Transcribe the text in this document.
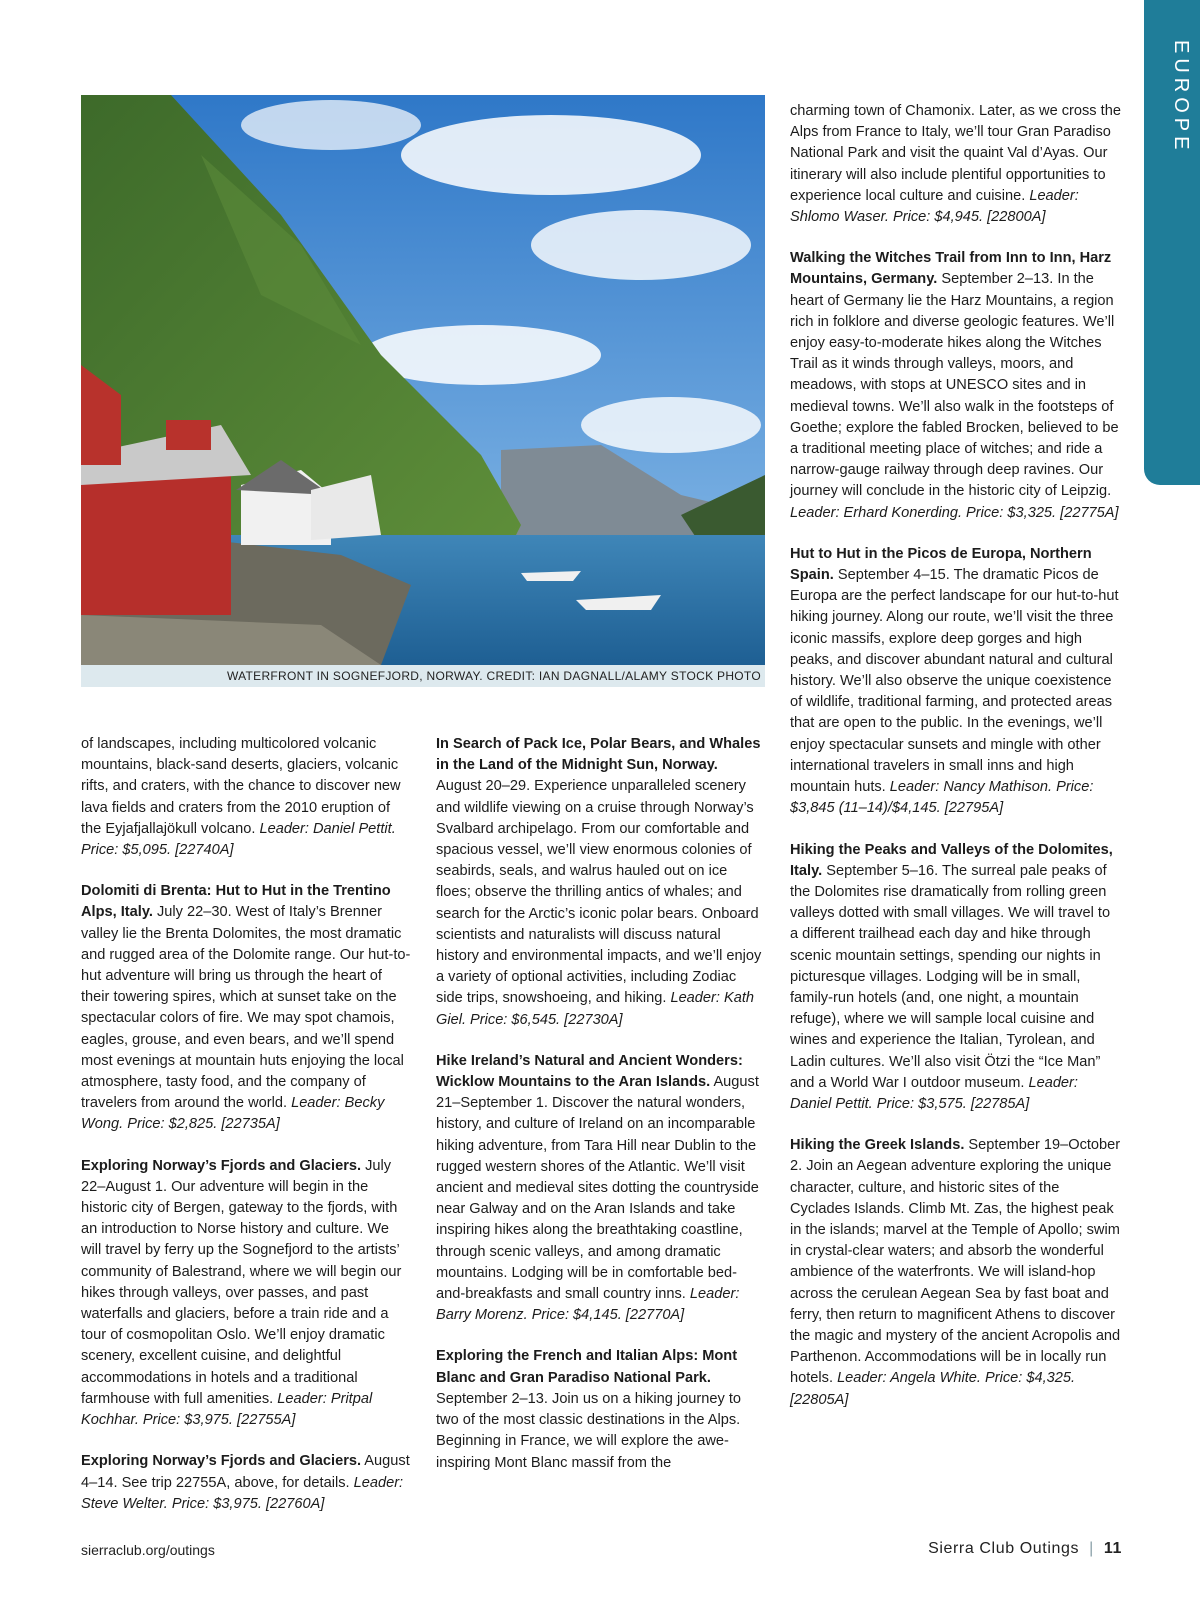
EUROPE
WATERFRONT IN SOGNEFJORD, NORWAY. CREDIT: IAN DAGNALL/ALAMY STOCK PHOTO

of landscapes, including multicolored volcanic mountains, black-sand deserts, glaciers, volcanic rifts, and craters, with the chance to discover new lava fields and craters from the 2010 eruption of the Eyjafjallajökull volcano. Leader: Daniel Pettit. Price: $5,095. [22740A]

Dolomiti di Brenta: Hut to Hut in the Trentino Alps, Italy. July 22–30. West of Italy’s Brenner valley lie the Brenta Dolomites, the most dramatic and rugged area of the Dolomite range. Our hut-to-hut adventure will bring us through the heart of their towering spires, which at sunset take on the spectacular colors of fire. We may spot chamois, eagles, grouse, and even bears, and we’ll spend most evenings at mountain huts enjoying the local atmosphere, tasty food, and the company of travelers from around the world. Leader: Becky Wong. Price: $2,825. [22735A]

Exploring Norway’s Fjords and Glaciers. July 22–August 1. Our adventure will begin in the historic city of Bergen, gateway to the fjords, with an introduction to Norse history and culture. We will travel by ferry up the Sognefjord to the artists’ community of Balestrand, where we will begin our hikes through valleys, over passes, and past waterfalls and glaciers, before a train ride and a tour of cosmopolitan Oslo. We’ll enjoy dramatic scenery, excellent cuisine, and delightful accommodations in hotels and a traditional farmhouse with full amenities. Leader: Pritpal Kochhar. Price: $3,975. [22755A]

Exploring Norway’s Fjords and Glaciers. August 4–14. See trip 22755A, above, for details. Leader: Steve Welter. Price: $3,975. [22760A]

In Search of Pack Ice, Polar Bears, and Whales in the Land of the Midnight Sun, Norway. August 20–29. Experience unparalleled scenery and wildlife viewing on a cruise through Norway’s Svalbard archipelago. From our comfortable and spacious vessel, we’ll view enormous colonies of seabirds, seals, and walrus hauled out on ice floes; observe the thrilling antics of whales; and search for the Arctic’s iconic polar bears. Onboard scientists and naturalists will discuss natural history and environmental impacts, and we’ll enjoy a variety of optional activities, including Zodiac side trips, snowshoeing, and hiking. Leader: Kath Giel. Price: $6,545. [22730A]

Hike Ireland’s Natural and Ancient Wonders: Wicklow Mountains to the Aran Islands. August 21–September 1. Discover the natural wonders, history, and culture of Ireland on an incomparable hiking adventure, from Tara Hill near Dublin to the rugged western shores of the Atlantic. We’ll visit ancient and medieval sites dotting the countryside near Galway and on the Aran Islands and take inspiring hikes along the breathtaking coastline, through scenic valleys, and among dramatic mountains. Lodging will be in comfortable bed-and-breakfasts and small country inns. Leader: Barry Morenz. Price: $4,145. [22770A]

Exploring the French and Italian Alps: Mont Blanc and Gran Paradiso National Park. September 2–13. Join us on a hiking journey to two of the most classic destinations in the Alps. Beginning in France, we will explore the awe-inspiring Mont Blanc massif from the

charming town of Chamonix. Later, as we cross the Alps from France to Italy, we’ll tour Gran Paradiso National Park and visit the quaint Val d’Ayas. Our itinerary will also include plentiful opportunities to experience local culture and cuisine. Leader: Shlomo Waser. Price: $4,945. [22800A]

Walking the Witches Trail from Inn to Inn, Harz Mountains, Germany. September 2–13. In the heart of Germany lie the Harz Mountains, a region rich in folklore and diverse geologic features. We’ll enjoy easy-to-moderate hikes along the Witches Trail as it winds through valleys, moors, and meadows, with stops at UNESCO sites and in medieval towns. We’ll also walk in the footsteps of Goethe; explore the fabled Brocken, believed to be a traditional meeting place of witches; and ride a narrow-gauge railway through deep ravines. Our journey will conclude in the historic city of Leipzig. Leader: Erhard Konerding. Price: $3,325. [22775A]

Hut to Hut in the Picos de Europa, Northern Spain. September 4–15. The dramatic Picos de Europa are the perfect landscape for our hut-to-hut hiking journey. Along our route, we’ll visit the three iconic massifs, explore deep gorges and high peaks, and discover abundant natural and cultural history. We’ll also observe the unique coexistence of wildlife, traditional farming, and protected areas that are open to the public. In the evenings, we’ll enjoy spectacular sunsets and mingle with other international travelers in small inns and high mountain huts. Leader: Nancy Mathison. Price: $3,845 (11–14)/$4,145. [22795A]

Hiking the Peaks and Valleys of the Dolomites, Italy. September 5–16. The surreal pale peaks of the Dolomites rise dramatically from rolling green valleys dotted with small villages. We will travel to a different trailhead each day and hike through scenic mountain settings, spending our nights in picturesque villages. Lodging will be in small, family-run hotels (and, one night, a mountain refuge), where we will sample local cuisine and wines and experience the Italian, Tyrolean, and Ladin cultures. We’ll also visit Ötzi the “Ice Man” and a World War I outdoor museum. Leader: Daniel Pettit. Price: $3,575. [22785A]

Hiking the Greek Islands. September 19–October 2. Join an Aegean adventure exploring the unique character, culture, and historic sites of the Cyclades Islands. Climb Mt. Zas, the highest peak in the islands; marvel at the Temple of Apollo; swim in crystal-clear waters; and absorb the wonderful ambience of the waterfronts. We will island-hop across the cerulean Aegean Sea by fast boat and ferry, then return to magnificent Athens to discover the magic and mystery of the ancient Acropolis and Parthenon. Accommodations will be in locally run hotels. Leader: Angela White. Price: $4,325. [22805A]

sierraclub.org/outings	Sierra Club Outings | 11
